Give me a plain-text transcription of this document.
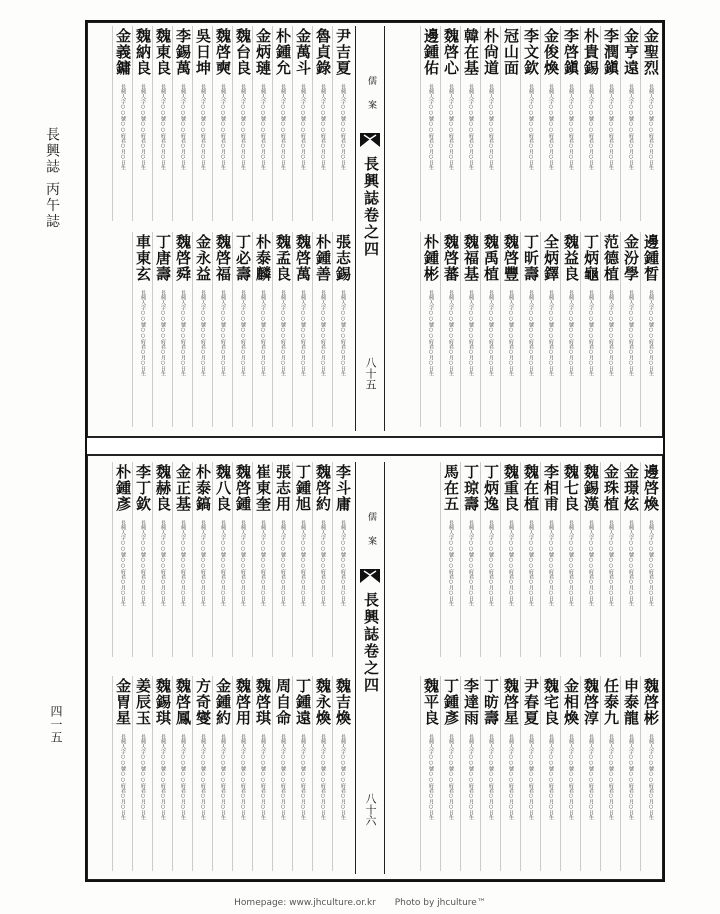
長興誌 丙午誌
四一五
金聖烈
長興人字○○號○○府君○月○日生
金亨遠
長興人字○○號○○府君○月○日生
李潤鎭
長興人字○○號○○府君○月○日生
朴貴錫
長興人字○○號○○府君○月○日生
李啓鎭
長興人字○○號○○府君○月○日生
金俊煥
長興人字○○號○○府君○月○日生
李文欽
長興人字○○號○○府君○月○日生
冠山面
朴尙道
長興人字○○號○○府君○月○日生
韓在基
長興人字○○號○○府君○月○日生
魏啓心
長興人字○○號○○府君○月○日生
邊鍾佑
長興人字○○號○○府君○月○日生
尹吉夏
長興人字○○號○○府君○月○日生
魯貞錄
長興人字○○號○○府君○月○日生
金萬斗
長興人字○○號○○府君○月○日生
朴鍾允
長興人字○○號○○府君○月○日生
金炳璉
長興人字○○號○○府君○月○日生
魏台良
長興人字○○號○○府君○月○日生
魏啓奭
長興人字○○號○○府君○月○日生
吳日坤
長興人字○○號○○府君○月○日生
李錫萬
長興人字○○號○○府君○月○日生
魏東良
長興人字○○號○○府君○月○日生
魏納良
長興人字○○號○○府君○月○日生
金義鏞
長興人字○○號○○府君○月○日生
邊鍾晳
長興人字○○號○○府君○月○日生
金汾學
長興人字○○號○○府君○月○日生
范德植
長興人字○○號○○府君○月○日生
丁炳龜
長興人字○○號○○府君○月○日生
魏益良
長興人字○○號○○府君○月○日生
全炳鐸
長興人字○○號○○府君○月○日生
丁昕壽
長興人字○○號○○府君○月○日生
魏啓豐
長興人字○○號○○府君○月○日生
魏禹植
長興人字○○號○○府君○月○日生
魏福基
長興人字○○號○○府君○月○日生
魏啓蕃
長興人字○○號○○府君○月○日生
朴鍾彬
長興人字○○號○○府君○月○日生
張志錫
長興人字○○號○○府君○月○日生
朴鍾善
長興人字○○號○○府君○月○日生
魏啓萬
長興人字○○號○○府君○月○日生
魏孟良
長興人字○○號○○府君○月○日生
朴泰麟
長興人字○○號○○府君○月○日生
丁必壽
長興人字○○號○○府君○月○日生
魏啓福
長興人字○○號○○府君○月○日生
金永益
長興人字○○號○○府君○月○日生
魏啓舜
長興人字○○號○○府君○月○日生
丁唐壽
長興人字○○號○○府君○月○日生
車東玄
長興人字○○號○○府君○月○日生
邊啓煥
長興人字○○號○○府君○月○日生
金璟炫
長興人字○○號○○府君○月○日生
金珠植
長興人字○○號○○府君○月○日生
魏錫漢
長興人字○○號○○府君○月○日生
魏七良
長興人字○○號○○府君○月○日生
李相甫
長興人字○○號○○府君○月○日生
魏在植
長興人字○○號○○府君○月○日生
魏重良
長興人字○○號○○府君○月○日生
丁炳逸
長興人字○○號○○府君○月○日生
丁琼壽
長興人字○○號○○府君○月○日生
馬在五
長興人字○○號○○府君○月○日生
李斗庸
長興人字○○號○○府君○月○日生
魏啓約
長興人字○○號○○府君○月○日生
丁鍾旭
長興人字○○號○○府君○月○日生
張志用
長興人字○○號○○府君○月○日生
崔東奎
長興人字○○號○○府君○月○日生
魏啓鍾
長興人字○○號○○府君○月○日生
魏八良
長興人字○○號○○府君○月○日生
朴泰鎬
長興人字○○號○○府君○月○日生
金正基
長興人字○○號○○府君○月○日生
魏赫良
長興人字○○號○○府君○月○日生
李丁欽
長興人字○○號○○府君○月○日生
朴鍾彥
長興人字○○號○○府君○月○日生
魏啓彬
長興人字○○號○○府君○月○日生
申泰龍
長興人字○○號○○府君○月○日生
任泰九
長興人字○○號○○府君○月○日生
魏啓淳
長興人字○○號○○府君○月○日生
金相煥
長興人字○○號○○府君○月○日生
魏宅良
長興人字○○號○○府君○月○日生
尹春夏
長興人字○○號○○府君○月○日生
魏啓星
長興人字○○號○○府君○月○日生
丁昉壽
長興人字○○號○○府君○月○日生
李達雨
長興人字○○號○○府君○月○日生
丁鍾彥
長興人字○○號○○府君○月○日生
魏平良
長興人字○○號○○府君○月○日生
魏吉煥
長興人字○○號○○府君○月○日生
魏永煥
長興人字○○號○○府君○月○日生
丁鍾遠
長興人字○○號○○府君○月○日生
周自命
長興人字○○號○○府君○月○日生
魏啓琪
長興人字○○號○○府君○月○日生
魏啓用
長興人字○○號○○府君○月○日生
金鍾約
長興人字○○號○○府君○月○日生
方奇燮
長興人字○○號○○府君○月○日生
魏啓鳳
長興人字○○號○○府君○月○日生
魏錫琪
長興人字○○號○○府君○月○日生
姜辰玉
長興人字○○號○○府君○月○日生
金胃星
長興人字○○號○○府君○月○日生
儒 案
長興誌卷之四
八十五
儒 案
長興誌卷之四
八十六
Homepage: www.jhculture.or.kr Photo by jhculture™
